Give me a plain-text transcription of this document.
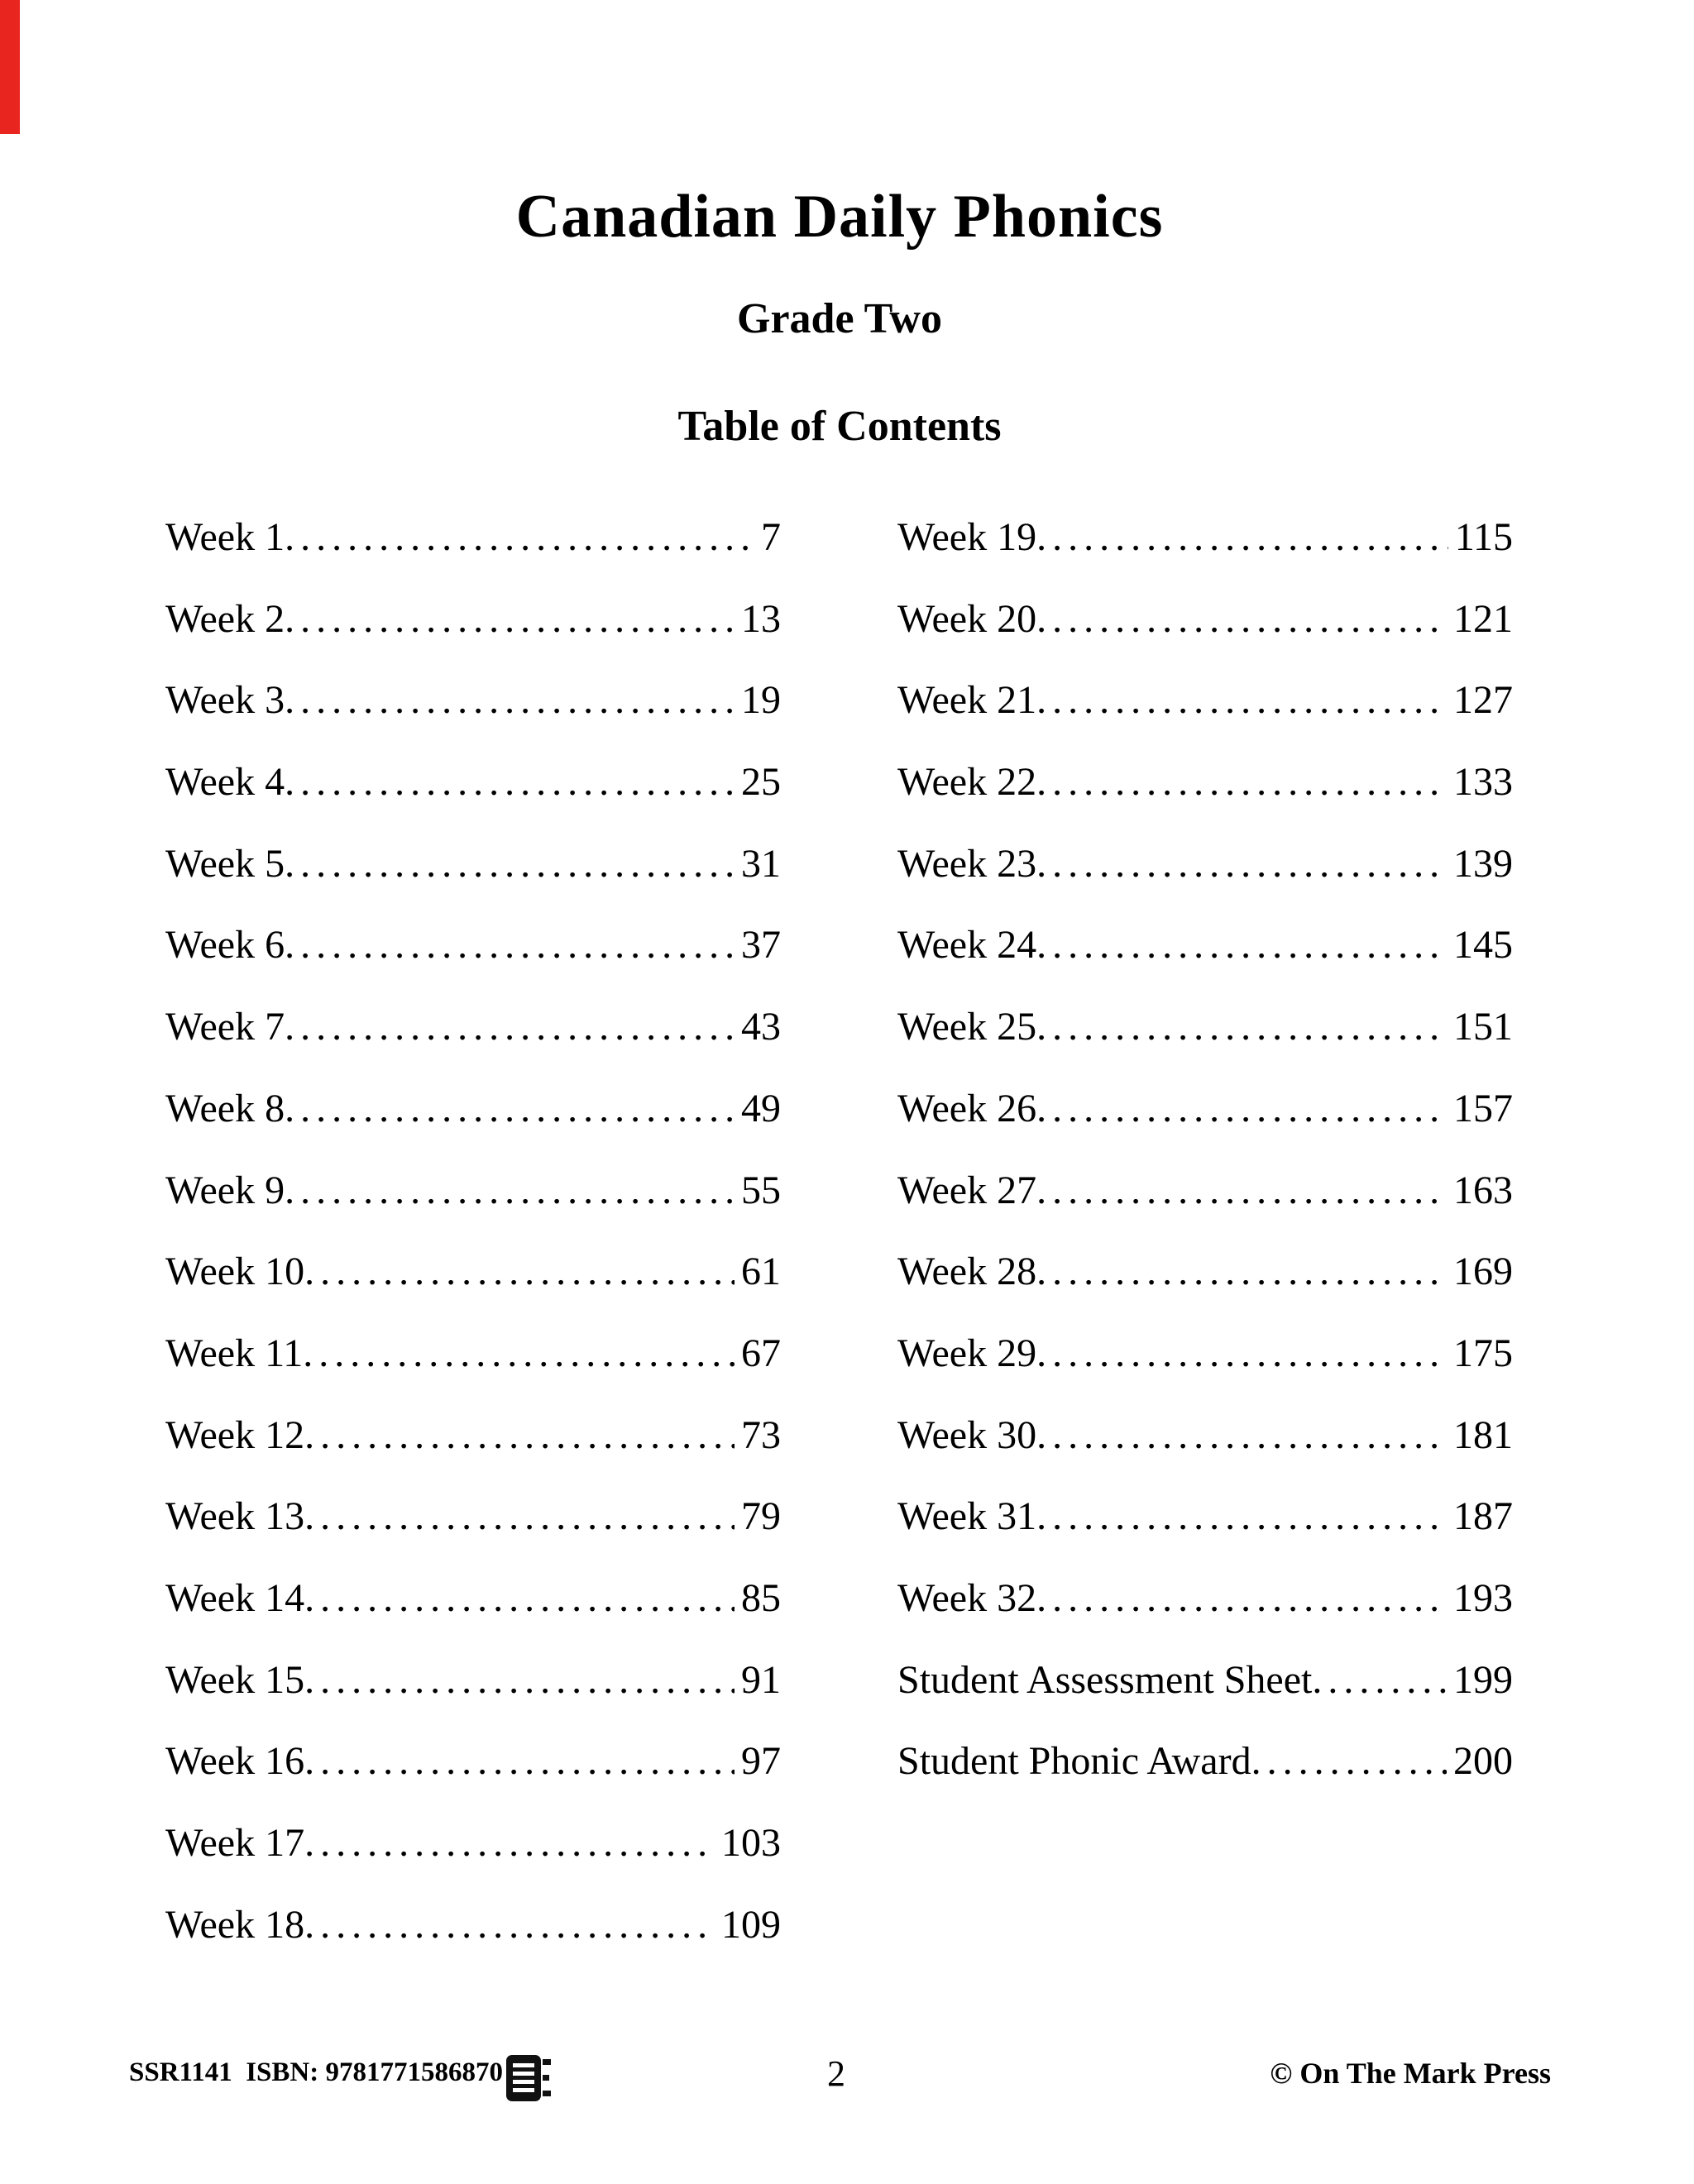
Canadian Daily Phonics
Grade Two
Table of Contents
Week 1 .....	7
Week 2 .....	13
Week 3 .....	19
Week 4 .....	25
Week 5 .....	31
Week 6 .....	37
Week 7 .....	43
Week 8 .....	49
Week 9 .....	55
Week 10 .....	61
Week 11 .....	67
Week 12 .....	73
Week 13 .....	79
Week 14 .....	85
Week 15 .....	91
Week 16 .....	97
Week 17 .....	103
Week 18 .....	109
Week 19 .....	115
Week 20 .....	121
Week 21 .....	127
Week 22 .....	133
Week 23 .....	139
Week 24 .....	145
Week 25 .....	151
Week 26 .....	157
Week 27 .....	163
Week 28 .....	169
Week 29 .....	175
Week 30 .....	181
Week 31 .....	187
Week 32 .....	193
Student Assessment Sheet .....	199
Student Phonic Award .....	200
SSR1141  ISBN: 9781771586870	2	© On The Mark Press
